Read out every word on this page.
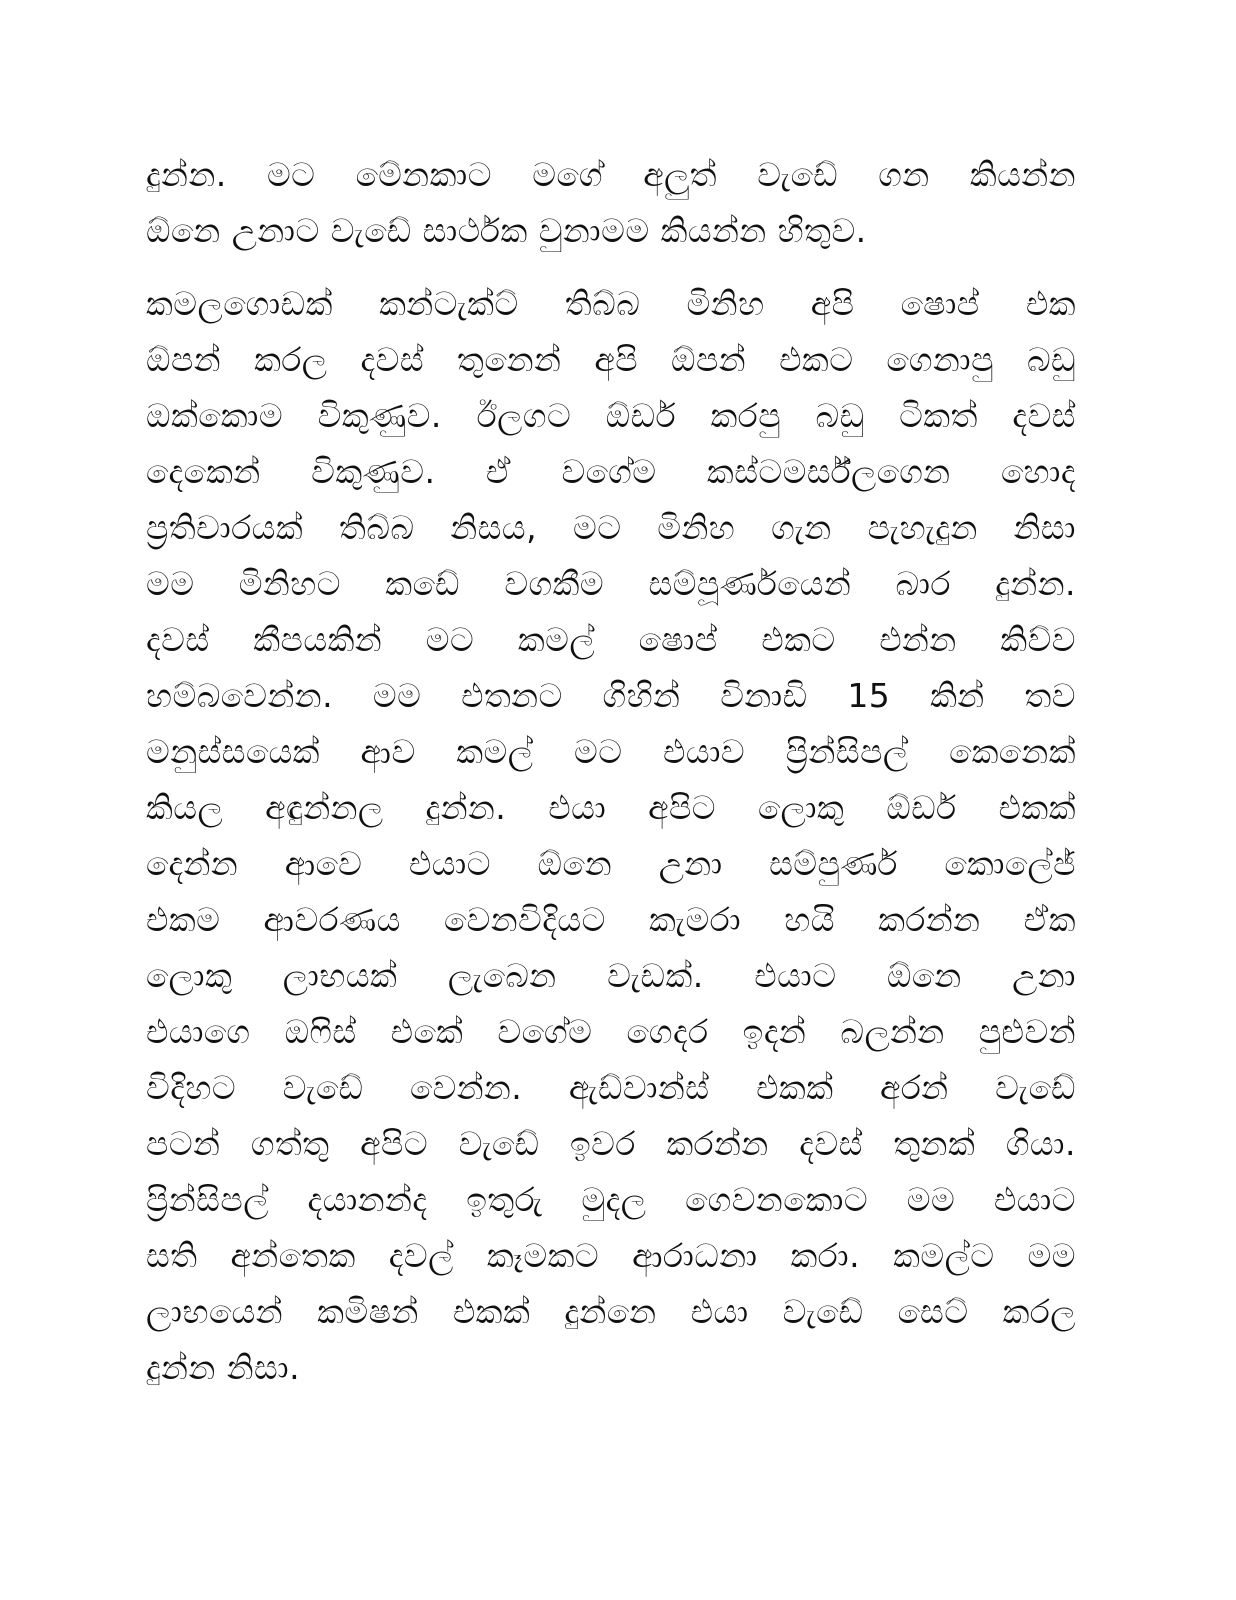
දුන්න. මට මේනකාට මගේ අලුත් වැඩේ ගන කියන්න
ඕනෙ උනාට වැඩේ සාර්ථක වුනාමම කියන්න හිතුව.
කමලගොඩක් කන්ටැක්ට් තිබ්බ මිනිහ අපි ෂොප් එක
ඕපන් කරල දවස් තුනෙන් අපි ඕපන් එකට ගෙනාපු බඩු
ඔක්කොම විකුණුව. ඊලගට ඕඩර් කරපු බඩු ටිකත් දවස්
දෙකෙන් විකුණුව. ඒ වගේම කස්ටමර්ස්ලගෙන හොද
ප්‍රතිචාරයක් තිබ්බ නිසය, මට මිනිහ ගැන පැහැදුන නිසා
මම මිනිහට කඩේ වගකීම සම්පූර්ණයෙන් බාර දුන්න.
දවස් කීපයකින් මට කමල් ෂොප් එකට එන්න කිව්ව
හම්බවෙන්න. මම එතනට ගිහින් විනාඩි 15 කින් තව
මනුස්සයෙක් ආව කමල් මට එයාව ප්‍රින්සිපල් කෙනෙක්
කියල අඳුන්නල දුන්න. එයා අපිට ලොකු ඕඩර් එකක්
දෙන්න ආවෙ එයාට ඕනෙ උනා සම්පුර්ණ කොලේජ්
එකම ආවරණය වෙනවිදියට කැමරා හයි කරන්න ඒක
ලොකු ලාභයක් ලැබෙන වැඩක්. එයාට ඕනෙ උනා
එයාගෙ ඔෆිස් එකේ වගේම ගෙදර ඉදන් බලන්න පුළුවන්
විදිහට වැඩේ වෙන්න. ඇඩ්වාන්ස් එකක් අරන් වැඩේ
පටන් ගත්තු අපිට වැඩේ ඉවර කරන්න දවස් තුනක් ගියා.
ප්‍රින්සිපල් දයානන්ද ඉතුරු මුදල ගෙවනකොට මම එයාට
සති අන්තෙක දවල් කෑමකට ආරාධනා කරා. කමල්ට මම
ලාභයෙන් කමිෂන් එකක් දුන්නෙ එයා වැඩේ සෙට් කරල
දුන්න නිසා.
